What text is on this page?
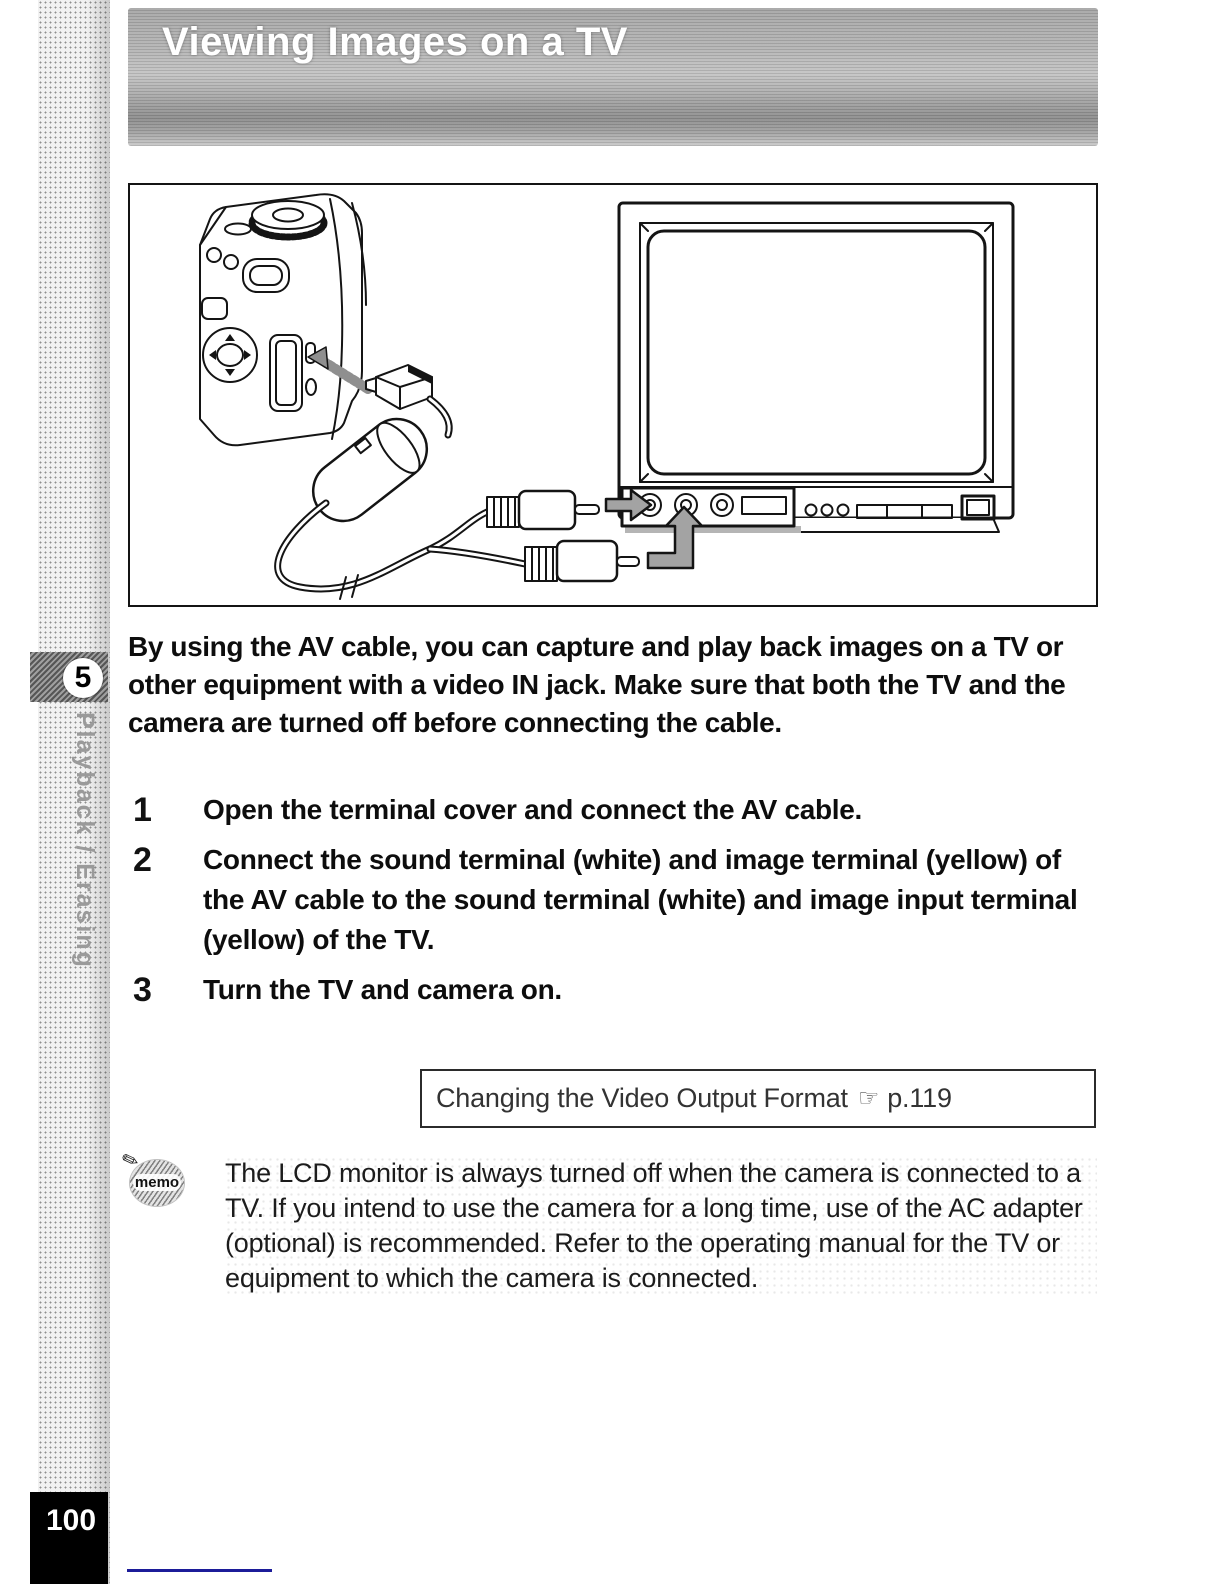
5
Playback / Erasing
Viewing Images on a TV
By using the AV cable, you can capture and play back images on a TV or other equipment with a video IN jack. Make sure that both the TV and the camera are turned off before connecting the cable.
1	Open the terminal cover and connect the AV cable.
2	Connect the sound terminal (white) and image terminal (yellow) of the AV cable to the sound terminal (white) and image input terminal (yellow) of the TV.
3	Turn the TV and camera on.
Changing the Video Output Format ☞ p.119
✎
memo The LCD monitor is always turned off when the camera is connected to a TV. If you intend to use the camera for a long time, use of the AC adapter (optional) is recommended. Refer to the operating manual for the TV or equipment to which the camera is connected.
100
